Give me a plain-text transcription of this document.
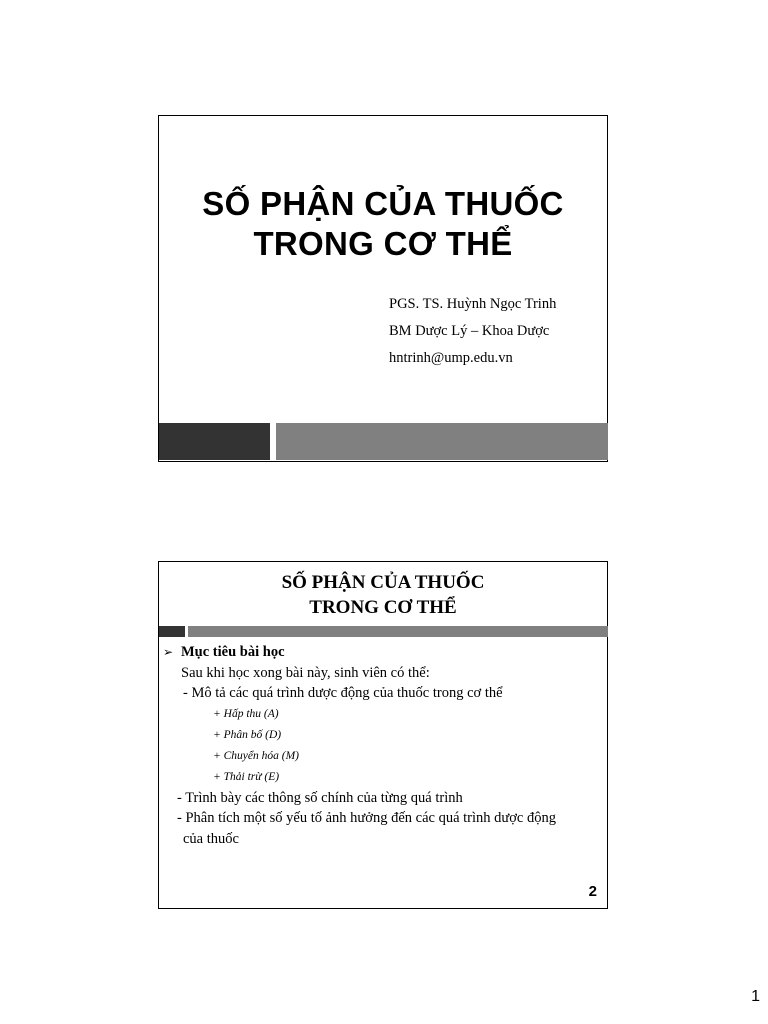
SỐ PHẬN CỦA THUỐC
TRONG CƠ THỂ
PGS. TS. Huỳnh Ngọc Trinh
BM Dược Lý – Khoa Dược
hntrinh@ump.edu.vn
SỐ PHẬN CỦA THUỐC
TRONG CƠ THỂ
➢ Mục tiêu bài học
Sau khi học xong bài này, sinh viên có thể:
- Mô tả các quá trình dược động của thuốc trong cơ thể
+ Hấp thu (A)
+ Phân bố (D)
+ Chuyển hóa (M)
+ Thải trừ (E)
- Trình bày các thông số chính của từng quá trình
- Phân tích một số yếu tố ảnh hưởng đến các quá trình dược động
của thuốc
2
1
